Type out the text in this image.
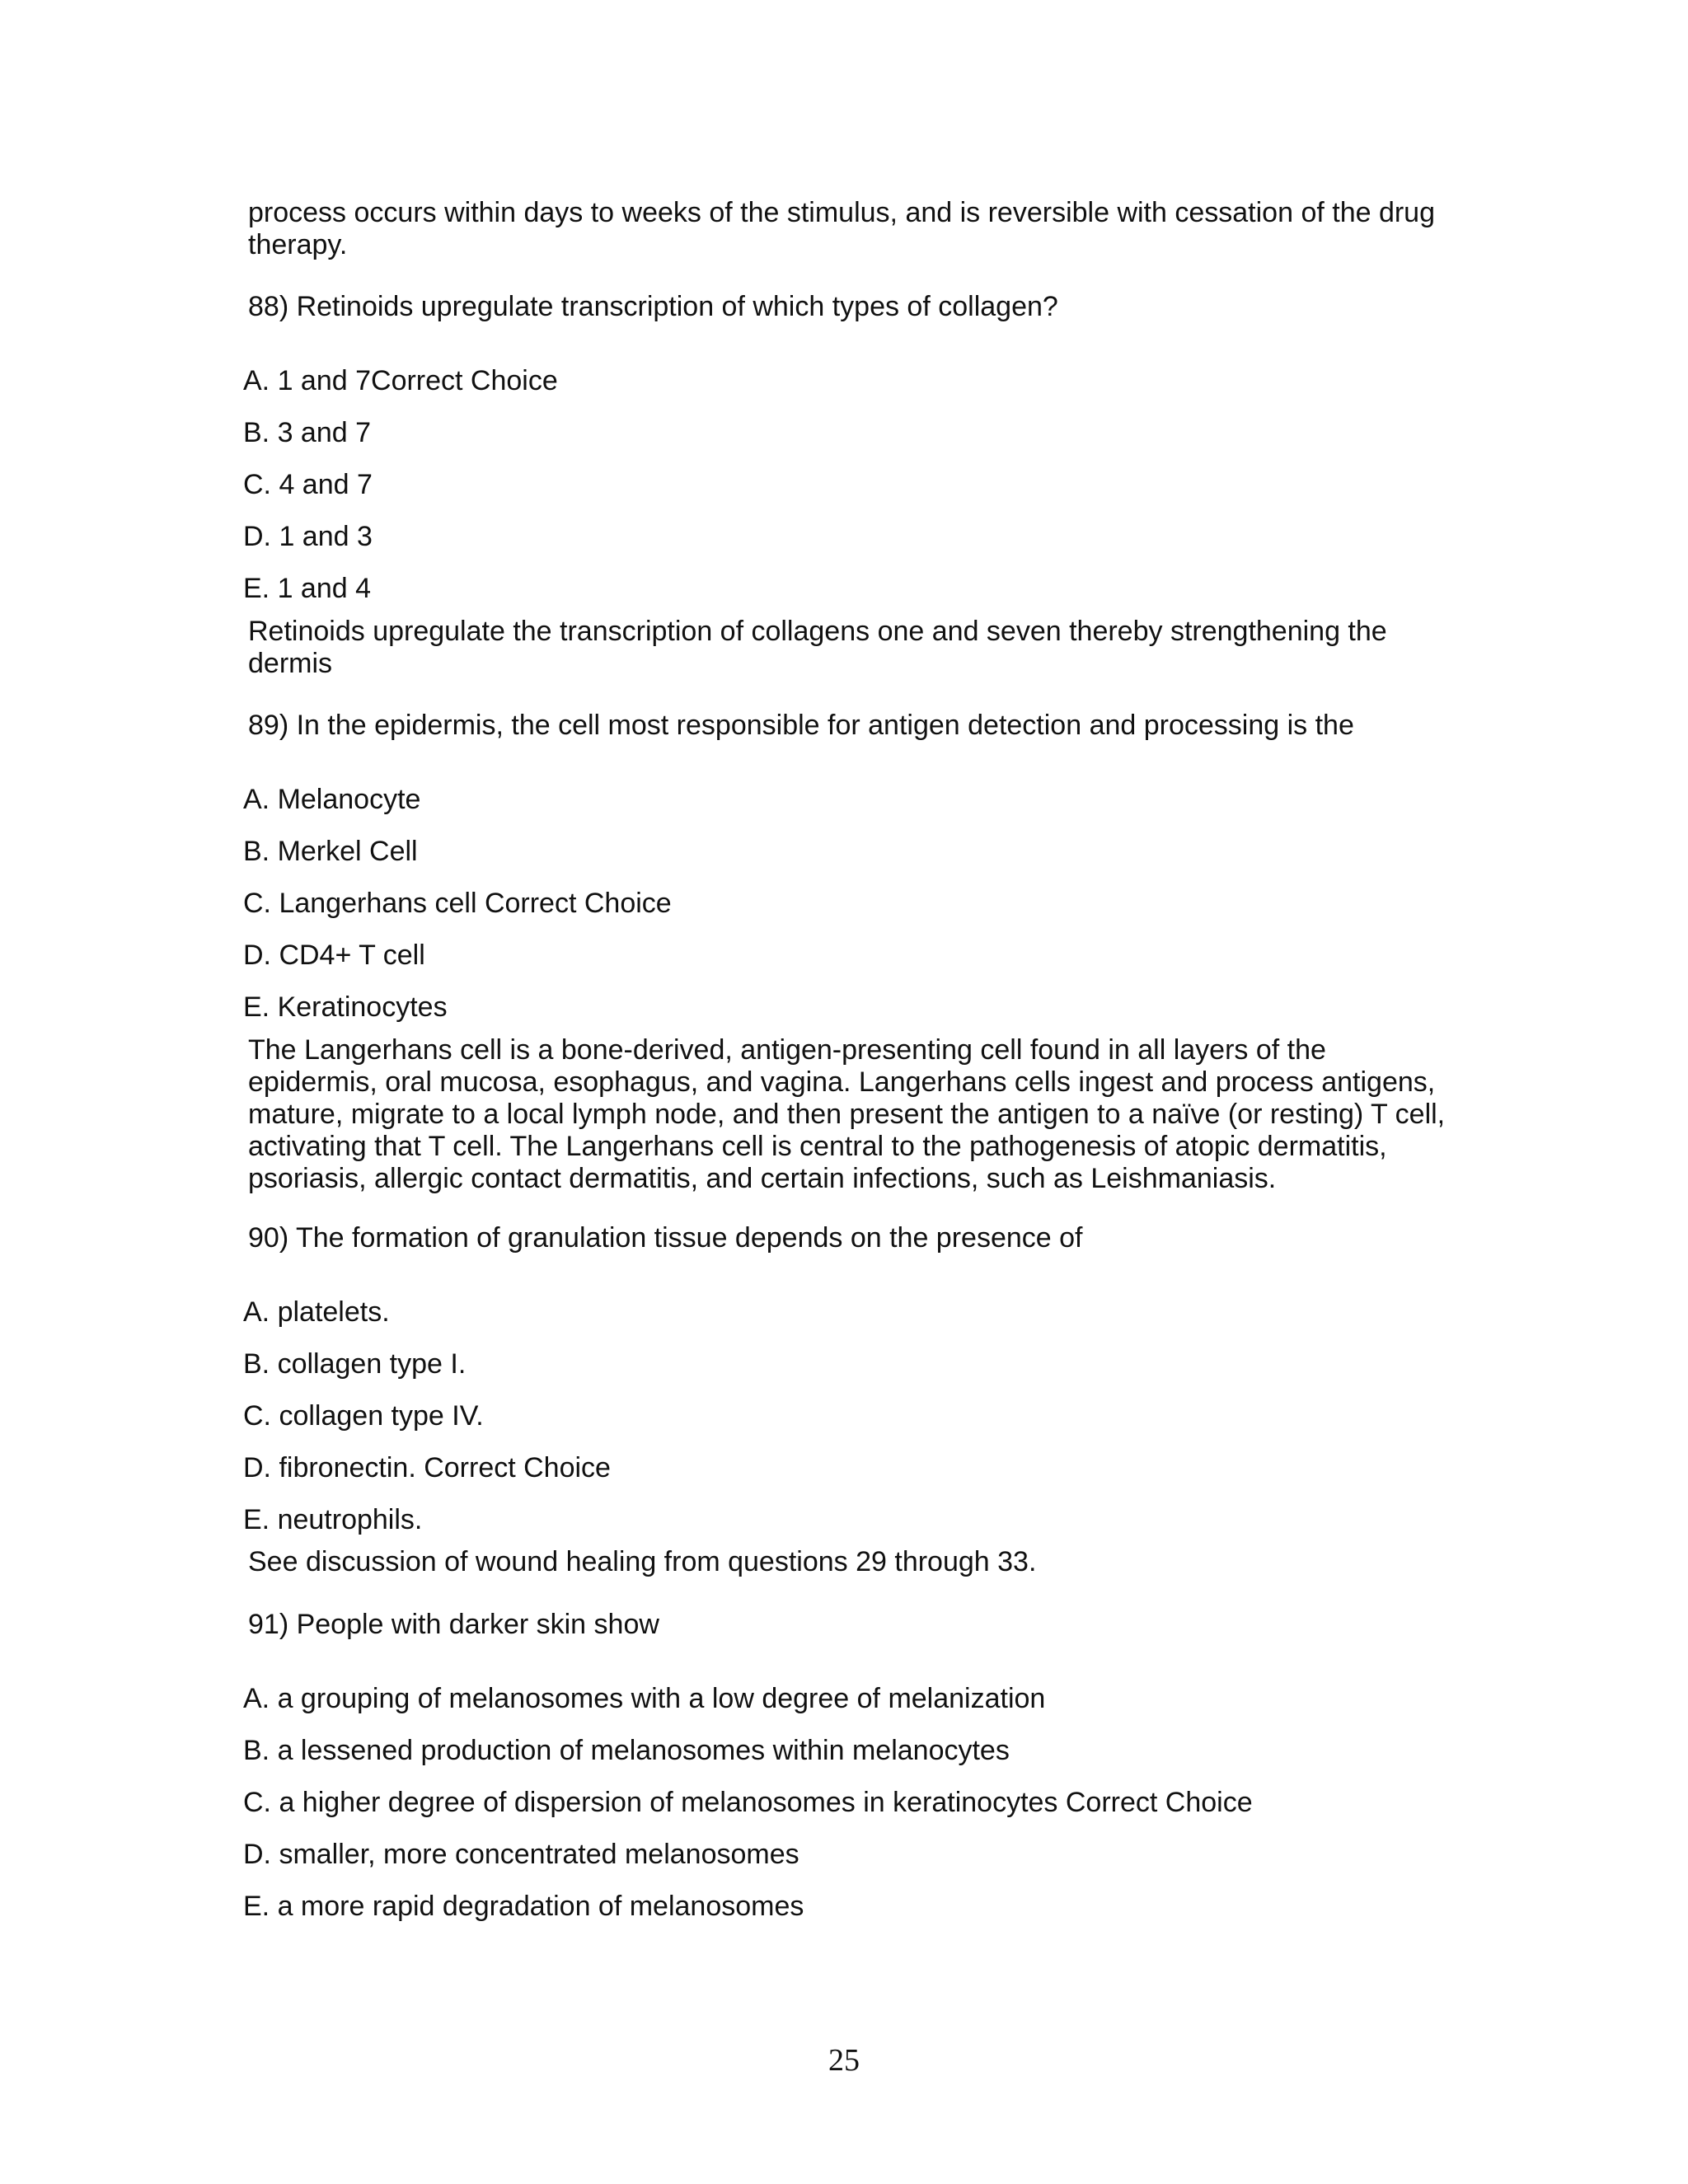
process occurs within days to weeks of the stimulus, and is reversible with cessation of the drug

therapy.

88) Retinoids upregulate transcription of which types of collagen?

A. 1 and 7Correct Choice

B. 3 and 7

C. 4 and 7

D. 1 and 3

E. 1 and 4

Retinoids upregulate the transcription of collagens one and seven thereby strengthening the

dermis

89) In the epidermis, the cell most responsible for antigen detection and processing is the

A. Melanocyte

B. Merkel Cell

C. Langerhans cell Correct Choice

D. CD4+ T cell

E. Keratinocytes

The Langerhans cell is a bone-derived, antigen-presenting cell found in all layers of the

epidermis, oral mucosa, esophagus, and vagina. Langerhans cells ingest and process antigens,

mature, migrate to a local lymph node, and then present the antigen to a naïve (or resting) T cell,

activating that T cell. The Langerhans cell is central to the pathogenesis of atopic dermatitis,

psoriasis, allergic contact dermatitis, and certain infections, such as Leishmaniasis.

90) The formation of granulation tissue depends on the presence of

A. platelets.

B. collagen type I.

C. collagen type IV.

D. fibronectin. Correct Choice

E. neutrophils.

See discussion of wound healing from questions 29 through 33.

91) People with darker skin show

A. a grouping of melanosomes with a low degree of melanization

B. a lessened production of melanosomes within melanocytes

C. a higher degree of dispersion of melanosomes in keratinocytes Correct Choice

D. smaller, more concentrated melanosomes

E. a more rapid degradation of melanosomes

25
